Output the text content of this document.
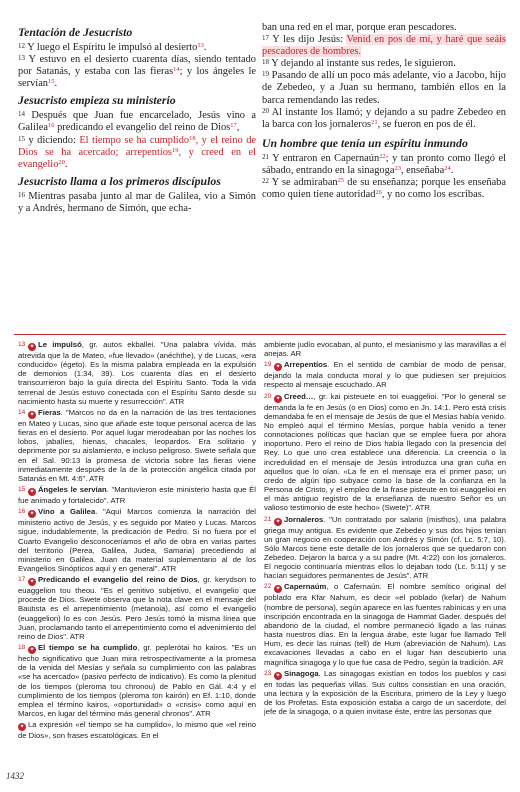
Tentación de Jesucristo

$^{12}$ Y luego el Espíritu le impulsó al desierto$^{13}$.

$^{13}$ Y estuvo en el desierto cuarenta días, siendo tentado por Satanás, y estaba con las fieras$^{14}$; y los ángeles le servían$^{15}$.

Jesucristo empieza su ministerio

$^{14}$ Después que Juan fue encarcelado, Jesús vino a Galilea$^{16}$ predicando el evangelio del reino de Dios$^{17}$,

$^{15}$ y diciendo: El tiempo se ha cumplido$^{18}$, y el reino de Dios se ha acercado; arrepentíos$^{19}$, y creed en el evangelio$^{20}$.

Jesucristo llama a los primeros discípulos

$^{16}$ Mientras pasaba junto al mar de Galilea, vio a Simón y a Andrés, hermano de Simón, que echa-

ban una red en el mar, porque eran pescadores.

$^{17}$ Y les dijo Jesús: Venid en pos de mí, y haré que seáis pescadores de hombres.

$^{18}$ Y dejando al instante sus redes, le siguieron.

$^{19}$ Pasando de allí un poco más adelante, vio a Jacobo, hijo de Zebedeo, y a Juan su hermano, también ellos en la barca remendando las redes.

$^{20}$ Al instante los llamó; y dejando a su padre Zebedeo en la barca con los jornaleros$^{21}$, se fueron en pos de él.

Un hombre que tenía un espíritu inmundo

$^{21}$ Y entraron en Capernaún$^{22}$; y tan pronto como llegó el sábado, entrando en la sinagoga$^{23}$, enseñaba$^{24}$.

$^{22}$ Y se admiraban$^{25}$ de su enseñanza; porque les enseñaba como quien tiene autoridad$^{26}$, y no como los escribas.

13 ✦ Le impulsó, gr. autos ekballei. "Una palabra vívida, más atrevida que la de Mateo, «fue llevado» (anéchthe), y de Lucas, «era conducido» (égeto). Es la misma palabra empleada en la expulsión de demonios (1:34, 39). Los cuarenta días en el desierto transcurrieron bajo la guía directa del Espíritu Santo. Toda la vida terrenal de Jesús estuvo conectada con el Espíritu Santo desde su nacimiento hasta su muerte y resurrección". ATR

14 ✦ Fieras. "Marcos no da en la narración de las tres tentaciones en Mateo y Lucas, sino que añade este toque personal acerca de las fieras en el desierto. Por aquel lugar merodeaban por las noches los lobos, jabalíes, hienas, chacales, leopardos. Era solitario y deprimente por su aislamiento, e incluso peligroso. Swete señala que en el Sal. 90:13 la promesa de victoria sobre las fieras viene inmediatamente después de la de la protección angélica citada por Satanás en Mt. 4:6". ATR

15 ✦ Ángeles le servían. "Mantuvieron este ministerio hasta que Él fue animado y fortalecido". ATR

16 ✦ Vino a Galilea. "Aquí Marcos comienza la narración del ministerio activo de Jesús, y es seguido por Mateo y Lucas. Marcos sigue, indudablemente, la predicación de Pedro. Si no fuera por el Cuarto Evangelio desconoceríamos el año de obra en varias partes del territorio (Perea, Galilea, Judea, Samaria) precediendo al ministerio en Galilea. Juan da material suplementario al de los Evangelios Sinópticos aquí y en general". ATR

17 ✦ Predicando el evangelio del reino de Dios, gr. kerydson to euaggelion tou theou. "Es el genitivo subjetivo, el evangelio que procede de Dios. Swete observa que la nota clave en el mensaje del Bautista es el arrepentimiento (metanoia), así como el evangelio (euaggelion) lo es con Jesús. Pero Jesús tomó la misma línea que Juan, proclamando tanto el arrepentimiento como el advenimiento del reino de Dios". ATR

18 ✦ El tiempo se ha cumplido, gr. peplerótai ho kairos. "Es un hecho significativo que Juan mira retrospectivamente a la promesa de la venida del Mesías y señala su cumplimiento con las palabras «se ha acercado» (pasivo perfecto de indicativo). Es como la plenitud de los tiempos (pleroma tou chronou) de Pablo en Gál. 4:4 y el cumplimiento de los tiempos (pleroma ton kairón) en Ef. 1:10, donde emplea el término kairos, «oportunidad» o «crisis» como aquí en Marcos, en lugar del término más general chronos". ATR

✦ La expresión «el tiempo se ha cumplido», lo mismo que «el reino de Dios», son frases escatológicas. En el

ambiente judío evocaban, al punto, el mesianismo y las maravillas a él anejas. AR

19 ✦ Arrepentíos. En el sentido de cambiar de modo de pensar, dejando la mala conducta moral y lo que pudiesen ser prejuicios respecto al mensaje escuchado. AR

20 ✦ Creed…, gr. kai pisteuete en toi euaggelioi. "Por lo general se demanda la fe en Jesús (o en Dios) como en Jn. 14:1. Pero está crisis demandaba fe en el mensaje de Jesús de que el Mesías había venido. No empleó aquí el término Mesías, porque había venido a tener connotaciones políticas que hacían que se emplee fuera por ahora inoportuno. Pero el reino de Dios había llegado con la presencia del Rey. Lo que uno crea establece una diferencia. La creencia o la incredulidad en el mensaje de Jesús introduzca una gran cuña en aquellos que lo oían. «La fe en el mensaje era el primer paso; un credo de algún tipo subyace como la base de la confianza en la Persona de Cristo, y el empleo de la frase pisteute en toi euaggelioi en el más antiguo registro de la enseñanza de nuestro Señor es un valioso testimonio de este hecho» (Swete)". ATR

21 ✦ Jornaleros. "Un contratado por salario (misthos), una palabra griega muy antigua. Es evidente que Zebedeo y sus dos hijos tenían un gran negocio en cooperación con Andrés y Simón (cf. Lc. 5:7, 10). Sólo Marcos tiene este detalle de los jornaleros que se quedaron con Zebedeo. Dejaron la barca y a su padre (Mt. 4:22) con los jornaleros. El negocio continuaría mientras ellos lo dejaban todo (Lc. 5:11) y se hacían seguidores permanentes de Jesús". ATR

22 ✦ Capernaúm, o Cafernaún. El nombre semítico original del poblado era Kfar Nahum, es decir «el poblado (kefar) de Nahum (nombre de persona), según aparece en las fuentes rabínicas y en una inscripción encontrada en la sinagoga de Hammat Gader. después del abandono de la ciudad, el nombre permaneció ligado a las ruinas hasta nuestros días. En la lengua árabe, este lugar fue llamado Tell Hum, es decir las ruinas (tell) de Hum (abreviación de Nahum). Las excavaciones llevadas a cabo en el lugar han descubierto una magnífica sinagoga y lo que fue casa de Pedro, según la tradición. AR

23 ✦ Sinagoga. Las sinagogas existían en todos los pueblos y casi en todas las pequeñas villas. Sus cultos consistían en una oración, una lectura y la exposición de la Escritura, primero de la Ley y luego de los Profetas. Esta exposición estaba a cargo de un sacerdote, del jefe de la sinagoga, o a quien invitase éste, entre las personas que

1432
